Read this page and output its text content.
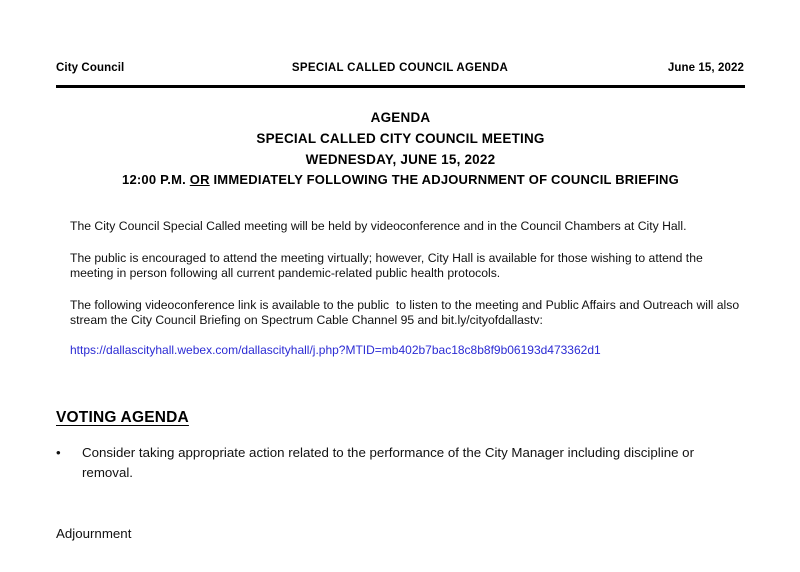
City Council	SPECIAL CALLED COUNCIL AGENDA	June 15, 2022
AGENDA
SPECIAL CALLED CITY COUNCIL MEETING
WEDNESDAY, JUNE 15, 2022
12:00 P.M. OR IMMEDIATELY FOLLOWING THE ADJOURNMENT OF COUNCIL BRIEFING

The City Council Special Called meeting will be held by videoconference and in the Council Chambers at City Hall.

The public is encouraged to attend the meeting virtually; however, City Hall is available for those wishing to attend the meeting in person following all current pandemic-related public health protocols.

The following videoconference link is available to the public  to listen to the meeting and Public Affairs and Outreach will also stream the City Council Briefing on Spectrum Cable Channel 95 and bit.ly/cityofdallastv:

https://dallascityhall.webex.com/dallascityhall/j.php?MTID=mb402b7bac18c8b8f9b06193d473362d1

VOTING AGENDA
• Consider taking appropriate action related to the performance of the City Manager including discipline or removal.
Adjournment
